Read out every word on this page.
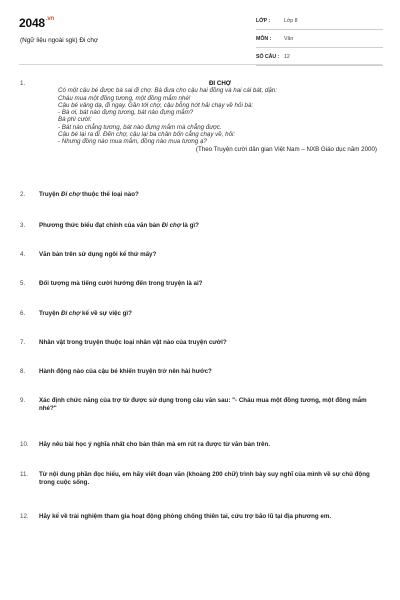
$2048^{.vn}$
(Ngữ liệu ngoài sgk) Đi chợ
LỚP :	Lớp 8
MÔN : Văn
SỐ CÂU : 12
1.	ĐI CHỢ
Có một cậu bé được bà sai đi chợ. Bà đưa cho cậu hai đồng và hai cái bát, dặn:
Cháu mua một đồng tương, một đồng mắm nhé!
Cậu bé vâng dạ, đi ngay. Gần tới chợ, cậu bỗng hớt hải chạy về hỏi bà:
- Bà ơi, bát nào đựng tương, bát nào đựng mắm?
Bà phì cười:
- Bát nào chẳng tương, bát nào đựng mắm mà chẳng được.
Cậu bé lại ra đi. Đến chợ, cậu lại ba chân bốn cẳng chạy về, hỏi:
- Nhưng đồng nào mua mắm, đồng nào mua tương ạ?
(Theo Truyện cười dân gian Việt Nam – NXB Giáo dục năm 2000)
2. Truyện Đi chợ thuộc thể loại nào?
3. Phương thức biểu đạt chính của văn bản Đi chợ là gì?
4. Văn bản trên sử dụng ngôi kể thứ mấy?
5. Đối tượng mà tiếng cười hướng đến trong truyện là ai?
6. Truyện Đi chợ kể về sự việc gì?
7. Nhân vật trong truyện thuộc loại nhân vật nào của truyện cười?
8. Hành động nào của cậu bé khiến truyện trở nên hài hước?
9. Xác định chức năng của trợ từ được sử dụng trong câu văn sau: "- Cháu mua một đồng tương, một đồng mắm nhé?"
10. Hãy nêu bài học ý nghĩa nhất cho bản thân mà em rút ra được từ văn bản trên.
11. Từ nội dung phần đọc hiểu, em hãy viết đoạn văn (khoảng 200 chữ) trình bày suy nghĩ của mình về sự chủ động trong cuộc sống.
12. Hãy kể về trải nghiệm tham gia hoạt động phòng chống thiên tai, cứu trợ bão lũ tại địa phương em.
